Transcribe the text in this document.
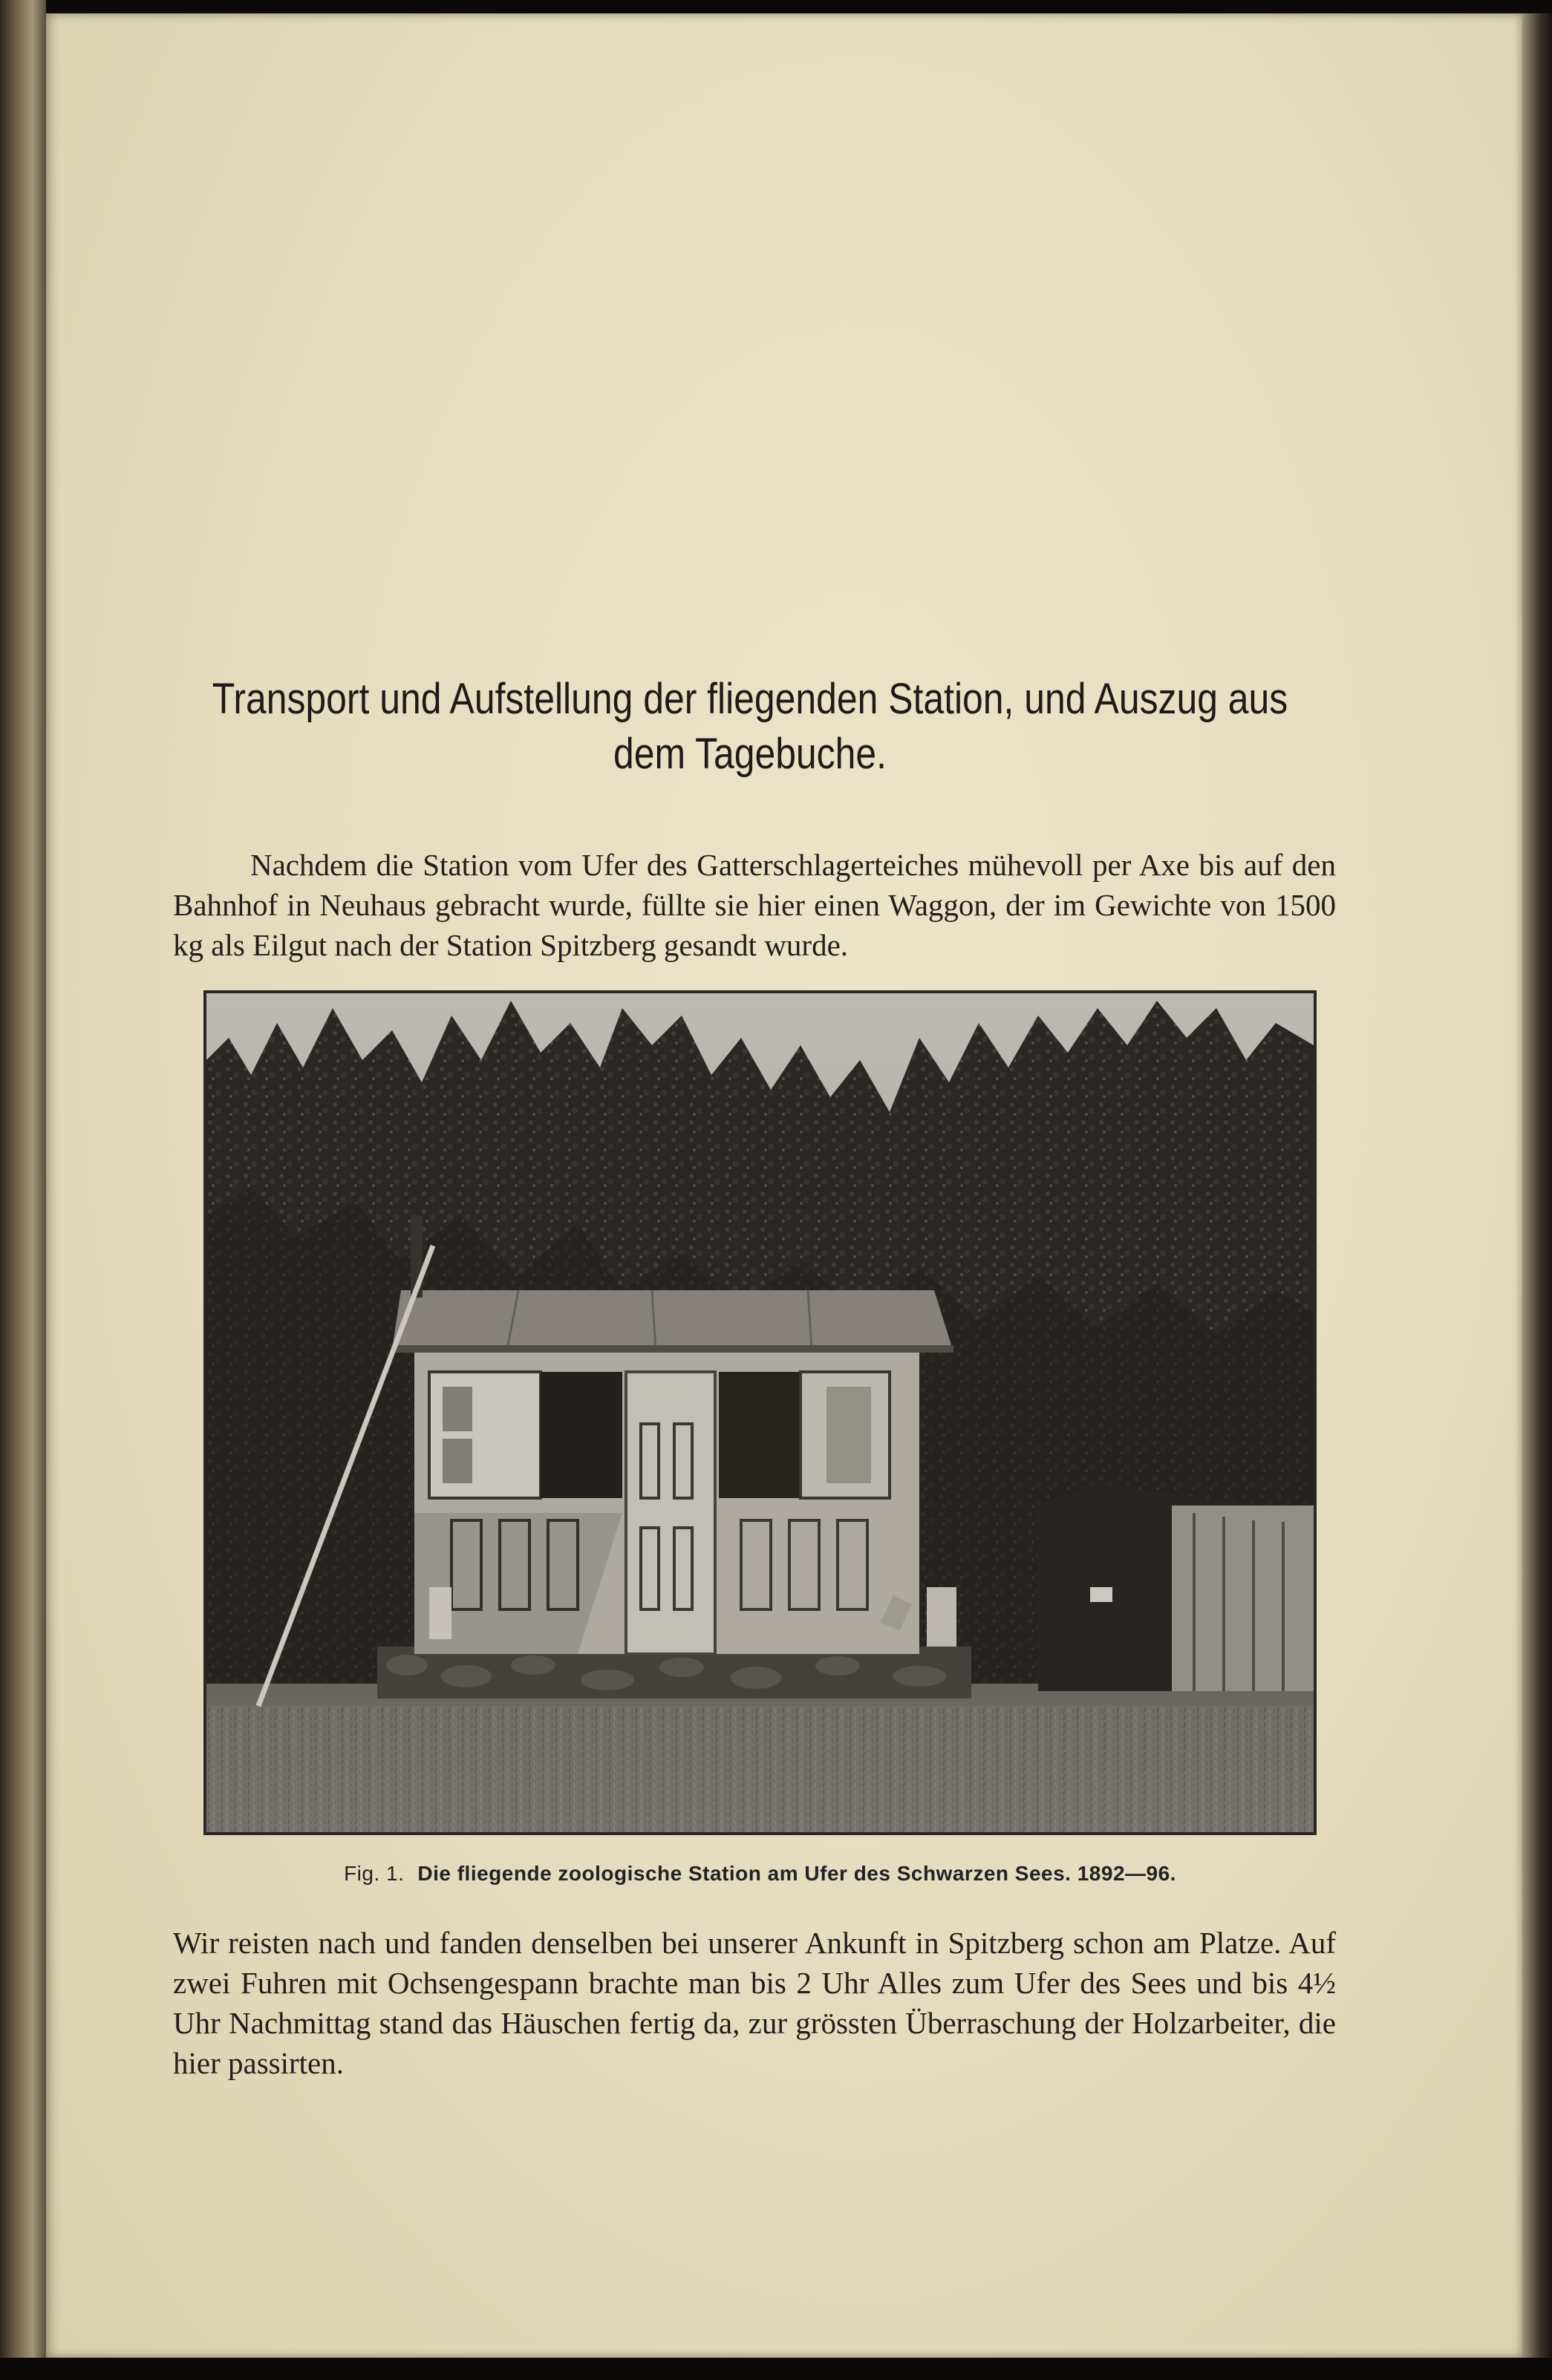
Transport und Aufstellung der fliegenden Station, und Auszug aus dem Tagebuche.

Nachdem die Station vom Ufer des Gatterschlagerteiches mühevoll per Axe bis auf den Bahnhof in Neuhaus gebracht wurde, füllte sie hier einen Waggon, der im Gewichte von 1500 kg als Eilgut nach der Station Spitzberg gesandt wurde.

Fig. 1. Die fliegende zoologische Station am Ufer des Schwarzen Sees. 1892—96.

Wir reisten nach und fanden denselben bei unserer Ankunft in Spitzberg schon am Platze. Auf zwei Fuhren mit Ochsengespann brachte man bis 2 Uhr Alles zum Ufer des Sees und bis 4½ Uhr Nachmittag stand das Häuschen fertig da, zur grössten Überraschung der Holzarbeiter, die hier passirten.
